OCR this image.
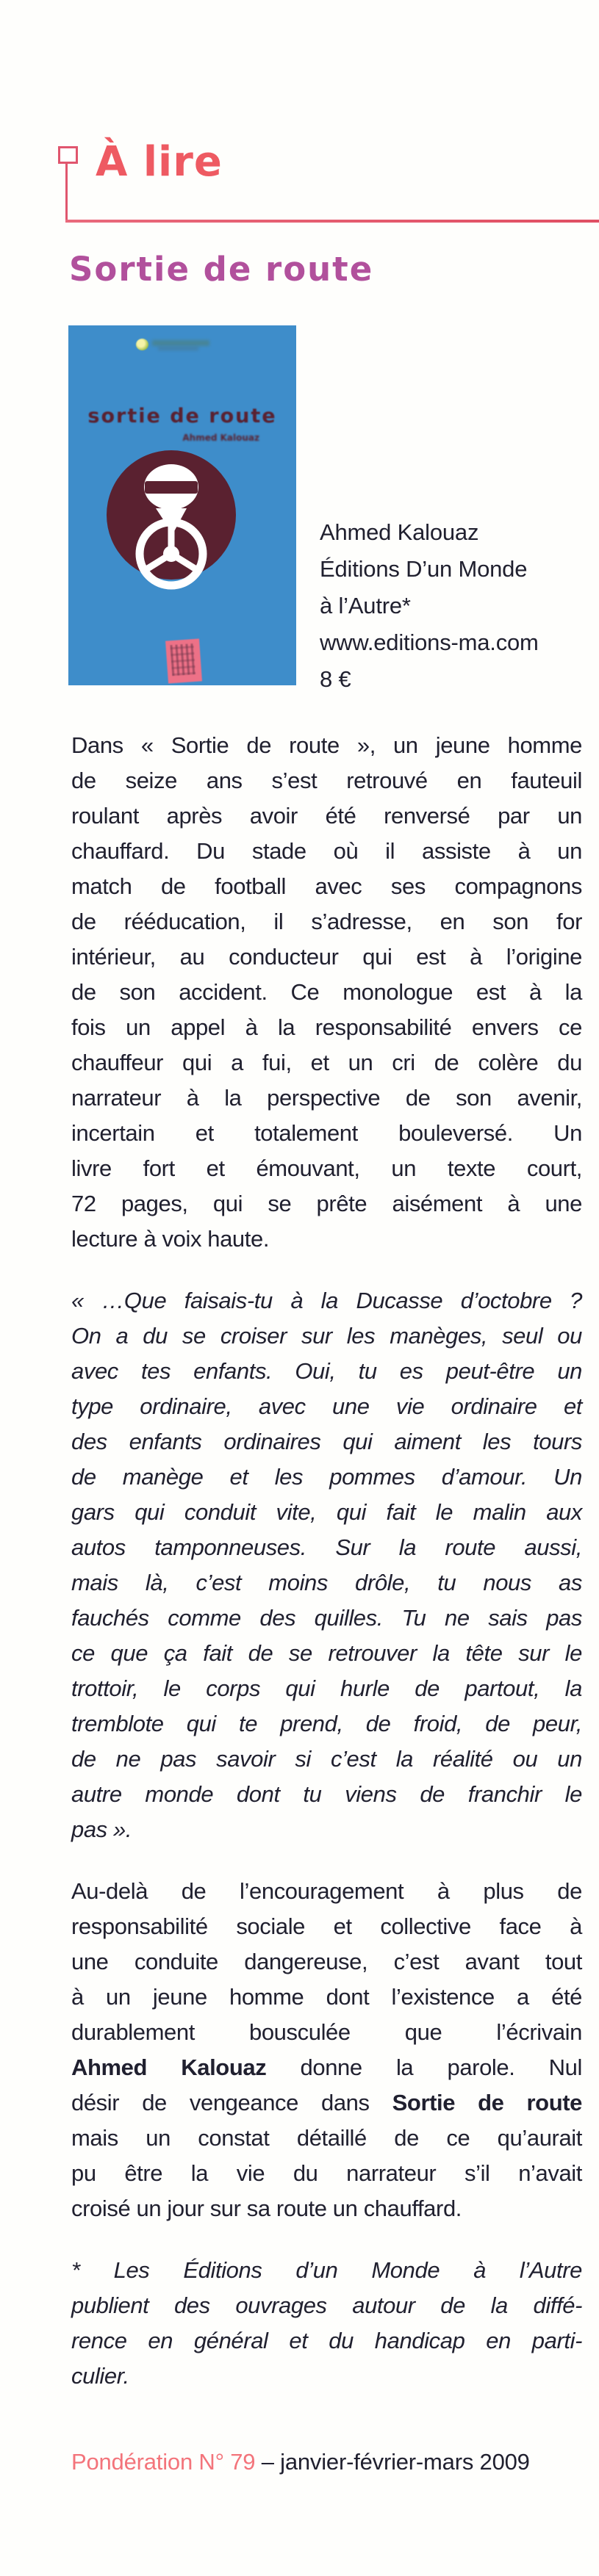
À lire
Sortie de route
sortie de route
Ahmed Kalouaz
Ahmed Kalouaz
Éditions D’un Monde
à l’Autre*
www.editions-ma.com
8 €
Dans « Sortie de route », un jeune homme
de seize ans s’est retrouvé en fauteuil
roulant après avoir été renversé par un
chauffard. Du stade où il assiste à un
match de football avec ses compagnons
de rééducation, il s’adresse, en son for
intérieur, au conducteur qui est à l’origine
de son accident. Ce monologue est à la
fois un appel à la responsabilité envers ce
chauffeur qui a fui, et un cri de colère du
narrateur à la perspective de son avenir,
incertain et totalement bouleversé. Un
livre fort et émouvant, un texte court,
72 pages, qui se prête aisément à une
lecture à voix haute.
« …Que faisais-tu à la Ducasse d’octobre ?
On a du se croiser sur les manèges, seul ou
avec tes enfants. Oui, tu es peut-être un
type ordinaire, avec une vie ordinaire et
des enfants ordinaires qui aiment les tours
de manège et les pommes d’amour. Un
gars qui conduit vite, qui fait le malin aux
autos tamponneuses. Sur la route aussi,
mais là, c’est moins drôle, tu nous as
fauchés comme des quilles. Tu ne sais pas
ce que ça fait de se retrouver la tête sur le
trottoir, le corps qui hurle de partout, la
tremblote qui te prend, de froid, de peur,
de ne pas savoir si c’est la réalité ou un
autre monde dont tu viens de franchir le
pas ».
Au-delà de l’encouragement à plus de
responsabilité sociale et collective face à
une conduite dangereuse, c’est avant tout
à un jeune homme dont l’existence a été
durablement bousculée que l’écrivain
Ahmed Kalouaz donne la parole. Nul
désir de vengeance dans Sortie de route
mais un constat détaillé de ce qu’aurait
pu être la vie du narrateur s’il n’avait
croisé un jour sur sa route un chauffard.
* Les Éditions d’un Monde à l’Autre
publient des ouvrages autour de la diffé-
rence en général et du handicap en parti-
culier.
Pondération N° 79 – janvier-février-mars 2009
